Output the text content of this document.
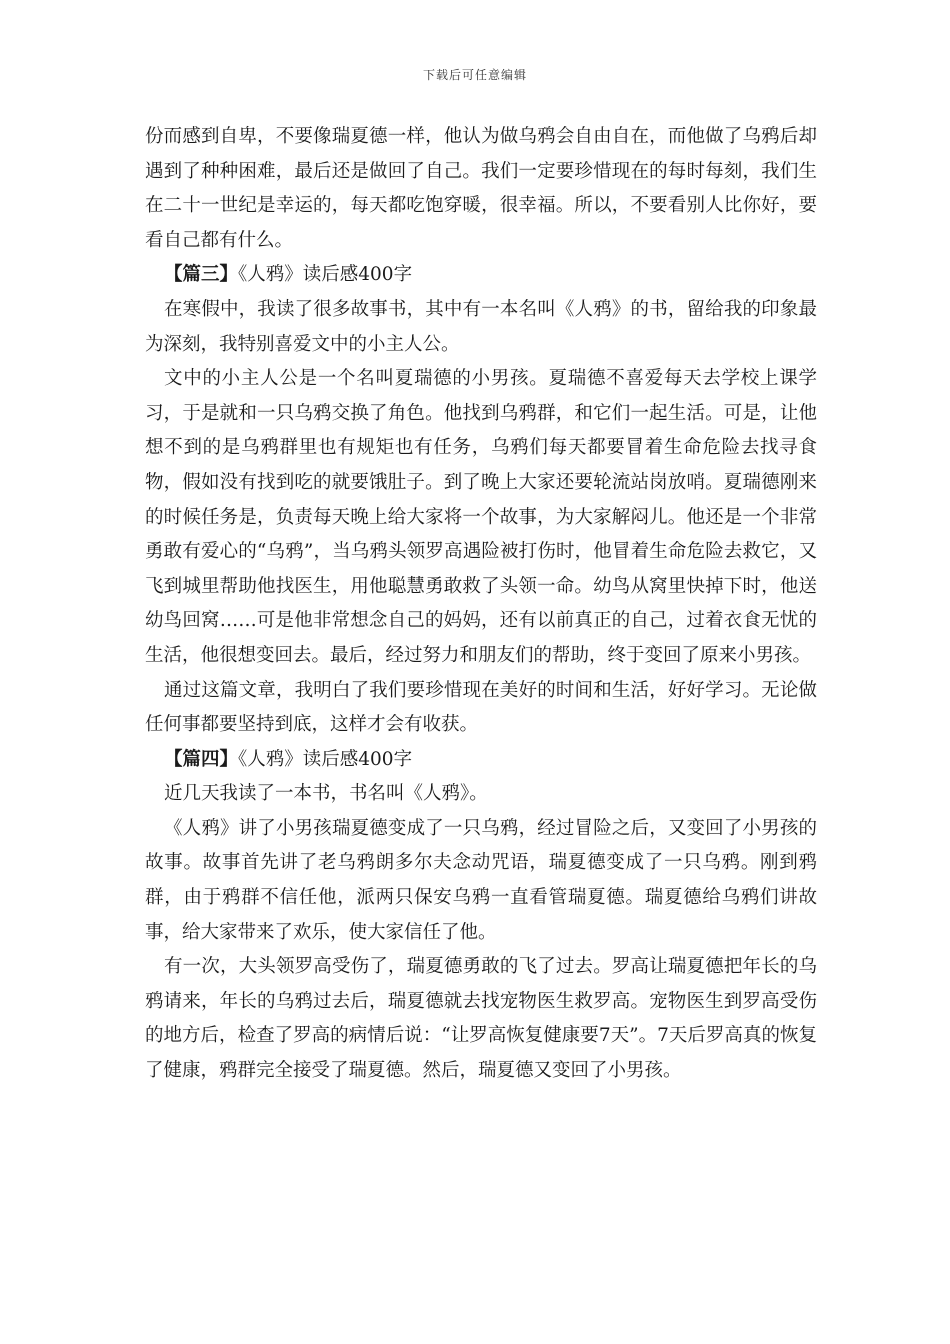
下载后可任意编辑

份而感到自卑，不要像瑞夏德一样，他认为做乌鸦会自由自在，而他做了乌鸦后却遇到了种种困难，最后还是做回了自己。我们一定要珍惜现在的每时每刻，我们生在二十一世纪是幸运的，每天都吃饱穿暖，很幸福。所以，不要看别人比你好，要看自己都有什么。

【篇三】《人鸦》读后感400字

在寒假中，我读了很多故事书，其中有一本名叫《人鸦》的书，留给我的印象最为深刻，我特别喜爱文中的小主人公。

文中的小主人公是一个名叫夏瑞德的小男孩。夏瑞德不喜爱每天去学校上课学习，于是就和一只乌鸦交换了角色。他找到乌鸦群，和它们一起生活。可是，让他想不到的是乌鸦群里也有规矩也有任务，乌鸦们每天都要冒着生命危险去找寻食物，假如没有找到吃的就要饿肚子。到了晚上大家还要轮流站岗放哨。夏瑞德刚来的时候任务是，负责每天晚上给大家将一个故事，为大家解闷儿。他还是一个非常勇敢有爱心的“乌鸦”，当乌鸦头领罗高遇险被打伤时，他冒着生命危险去救它，又飞到城里帮助他找医生，用他聪慧勇敢救了头领一命。幼鸟从窝里快掉下时，他送幼鸟回窝……可是他非常想念自己的妈妈，还有以前真正的自己，过着衣食无忧的生活，他很想变回去。最后，经过努力和朋友们的帮助，终于变回了原来小男孩。

通过这篇文章，我明白了我们要珍惜现在美好的时间和生活，好好学习。无论做任何事都要坚持到底，这样才会有收获。

【篇四】《人鸦》读后感400字

近几天我读了一本书，书名叫《人鸦》。

《人鸦》讲了小男孩瑞夏德变成了一只乌鸦，经过冒险之后，又变回了小男孩的故事。故事首先讲了老乌鸦朗多尔夫念动咒语，瑞夏德变成了一只乌鸦。刚到鸦群，由于鸦群不信任他，派两只保安乌鸦一直看管瑞夏德。瑞夏德给乌鸦们讲故事，给大家带来了欢乐，使大家信任了他。

有一次，大头领罗高受伤了，瑞夏德勇敢的飞了过去。罗高让瑞夏德把年长的乌鸦请来，年长的乌鸦过去后，瑞夏德就去找宠物医生救罗高。宠物医生到罗高受伤的地方后，检查了罗高的病情后说：“让罗高恢复健康要7天”。7天后罗高真的恢复了健康，鸦群完全接受了瑞夏德。然后，瑞夏德又变回了小男孩。
